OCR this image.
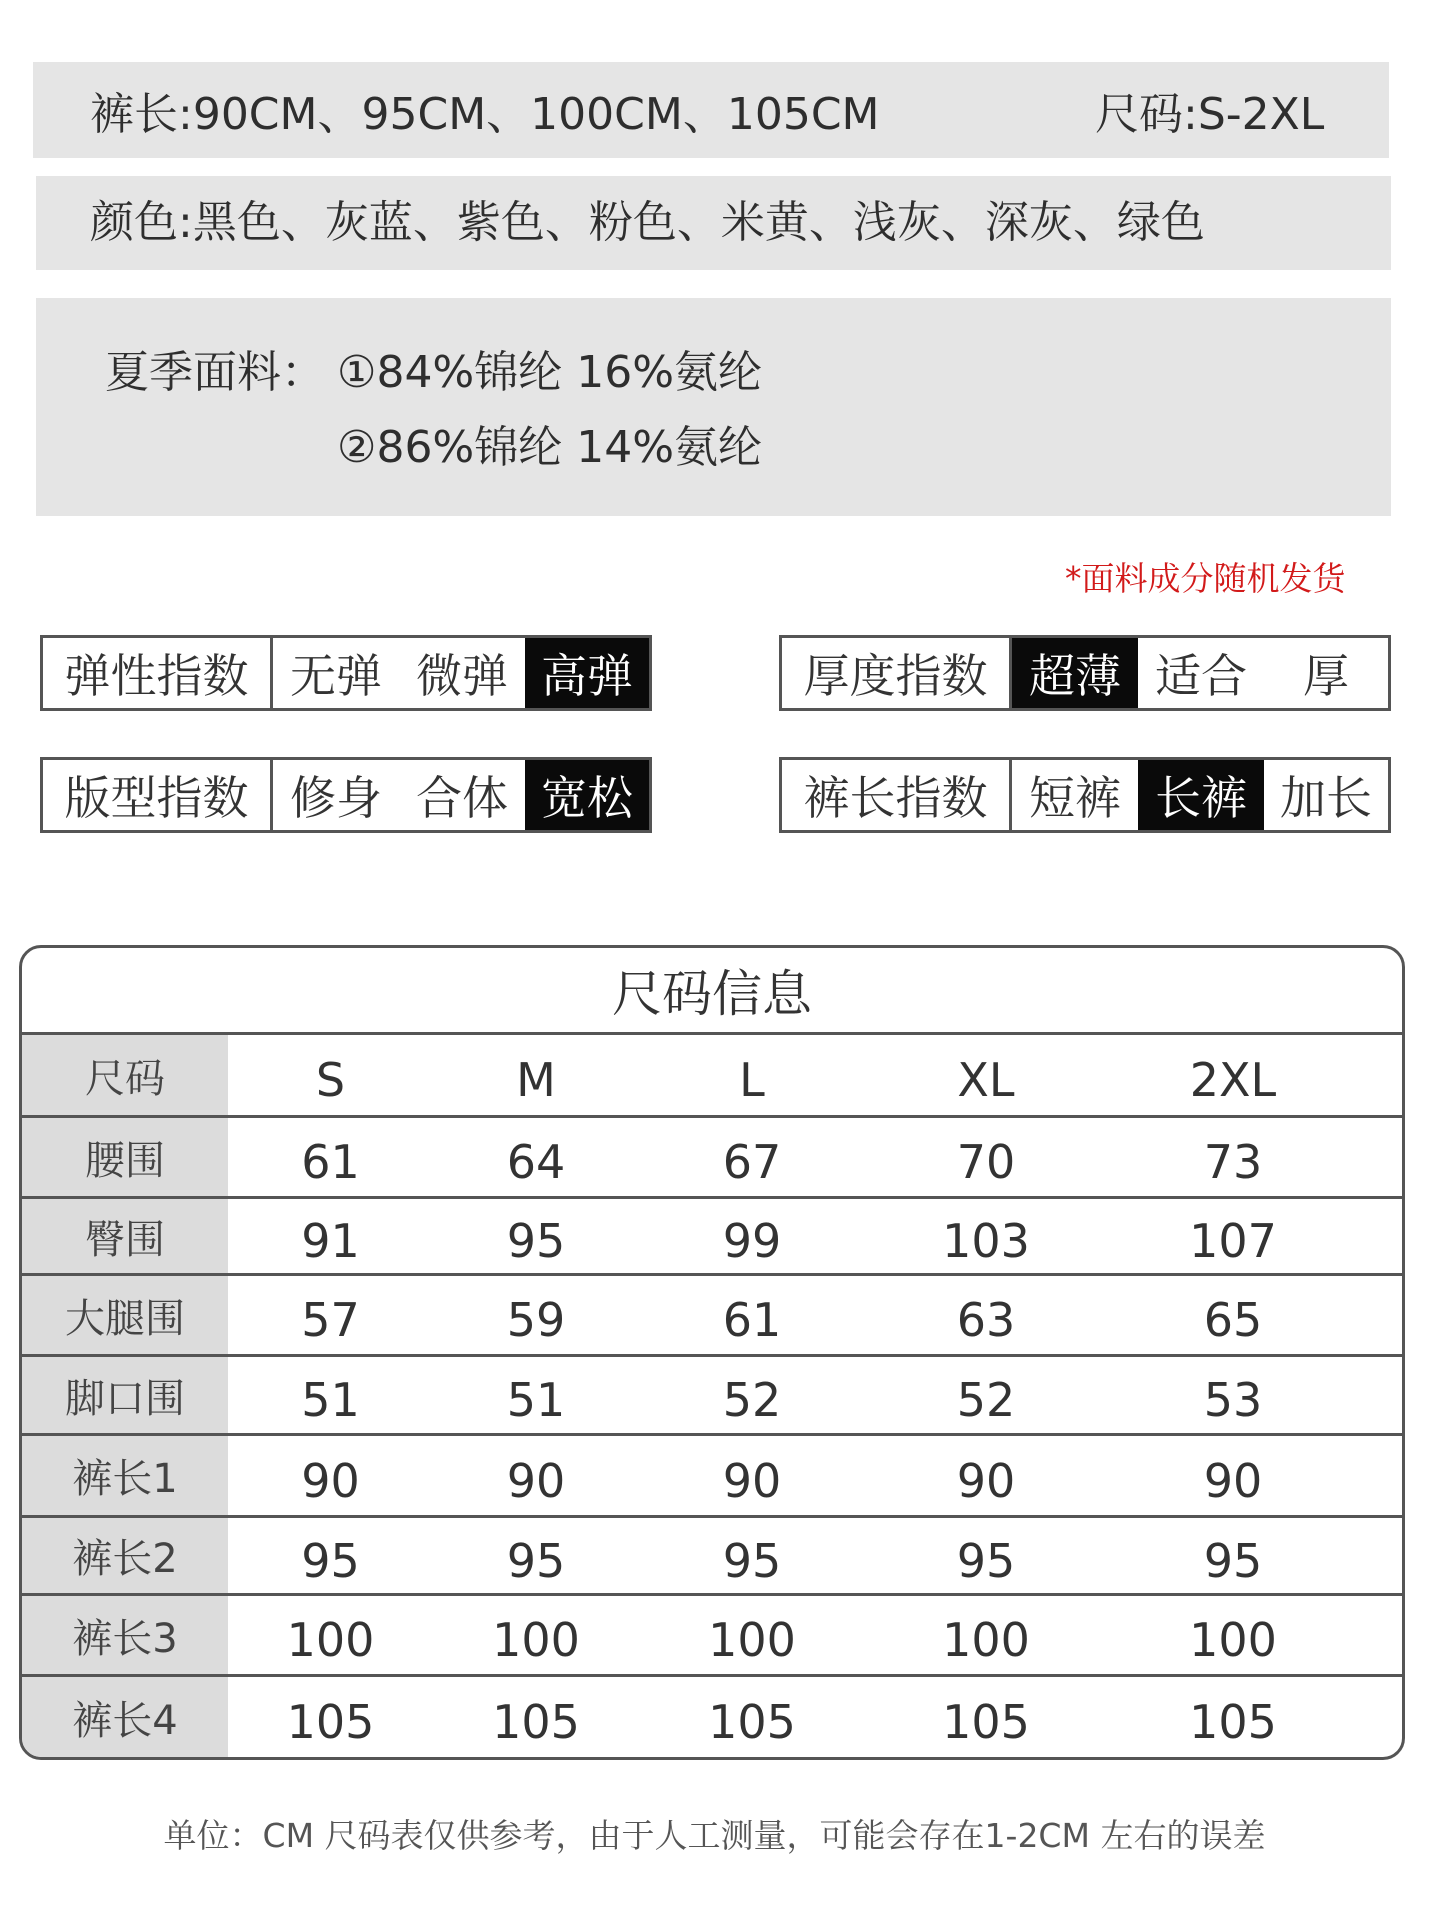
裤长:90CM、95CM、100CM、105CM	尺码:S-2XL
颜色:黑色、灰蓝、紫色、粉色、米黄、浅灰、深灰、绿色
夏季面料： ①84%锦纶 16%氨纶
②86%锦纶 14%氨纶
*面料成分随机发货
弹性指数 无弹 微弹 高弹	厚度指数 超薄 适合	厚
版型指数 修身 合体 宽松	裤长指数 短裤 长裤 加长
尺码信息
尺码	S	M	L	XL	2XL
腰围	61	64	67	70	73
臀围	91	95	99	103	107
大腿围	57	59	61	63	65
脚口围	51	51	52	52	53
裤长1	90	90	90	90	90
裤长2	95	95	95	95	95
裤长3	100	100	100	100	100
裤长4	105	105	105	105	105
单位：CM 尺码表仅供参考，由于人工测量，可能会存在1-2CM 左右的误差
